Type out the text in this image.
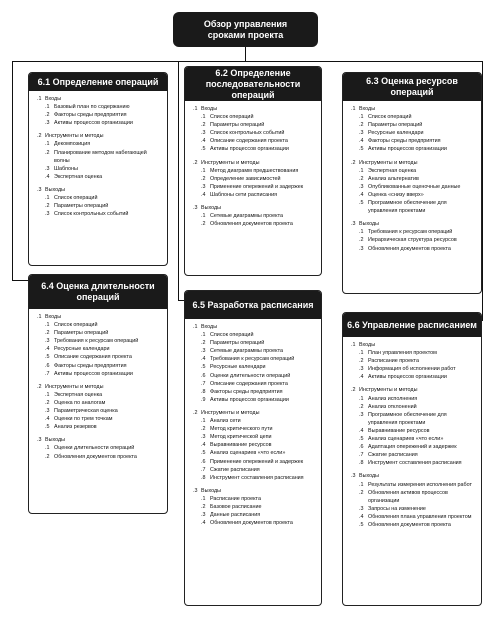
Обзор управления
сроками проекта
6.1 Определение операций
.1 Входы
.1 Базовый план по содержанию
.2 Факторы среды предприятия
.3 Активы процессов организации
.2 Инструменты и методы
.1 Декомпозиция
.2 Планирование методом набегающей волны
.3 Шаблоны
.4 Экспертная оценка
.3 Выходы
.1 Список операций
.2 Параметры операций
.3 Список контрольных событий
6.2 Определение последовательности операций
.1 Входы
.1 Список операций
.2 Параметры операций
.3 Список контрольных событий
.4 Описание содержания проекта
.5 Активы процессов организации
.2 Инструменты и методы
.1 Метод диаграмм предшествования
.2 Определение зависимостей
.3 Применение опережений и задержек
.4 Шаблоны сети расписания
.3 Выходы
.1 Сетевые диаграммы проекта
.2 Обновления документов проекта
6.3 Оценка ресурсов операций
.1 Входы
.1 Список операций
.2 Параметры операций
.3 Ресурсные календари
.4 Факторы среды предприятия
.5 Активы процессов организации
.2 Инструменты и методы
.1 Экспертная оценка
.2 Анализ альтернатив
.3 Опубликованные оценочные данные
.4 Оценка «снизу вверх»
.5 Программное обеспечение для управления проектами
.3 Выходы
.1 Требования к ресурсам операций
.2 Иерархическая структура ресурсов
.3 Обновления документов проекта
6.4 Оценка длительности операций
.1 Входы
.1 Список операций
.2 Параметры операций
.3 Требования к ресурсам операций
.4 Ресурсные календари
.5 Описание содержания проекта
.6 Факторы среды предприятия
.7 Активы процессов организации
.2 Инструменты и методы
.1 Экспертная оценка
.2 Оценка по аналогам
.3 Параметрическая оценка
.4 Оценки по трем точкам
.5 Анализ резервов
.3 Выходы
.1 Оценки длительности операций
.2 Обновления документов проекта
6.5 Разработка расписания
.1 Входы
.1 Список операций
.2 Параметры операций
.3 Сетевые диаграммы проекта
.4 Требования к ресурсам операций
.5 Ресурсные календари
.6 Оценки длительности операций
.7 Описание содержания проекта
.8 Факторы среды предприятия
.9 Активы процессов организации
.2 Инструменты и методы
.1 Анализ сети
.2 Метод критического пути
.3 Метод критической цепи
.4 Выравнивание ресурсов
.5 Анализ сценариев «что если»
.6 Применение опережений и задержек
.7 Сжатие расписания
.8 Инструмент составления расписания
.3 Выходы
.1 Расписание проекта
.2 Базовое расписание
.3 Данные расписания
.4 Обновления документов проекта
6.6 Управление расписанием
.1 Входы
.1 План управления проектом
.2 Расписание проекта
.3 Информация об исполнении работ
.4 Активы процессов организации
.2 Инструменты и методы
.1 Анализ исполнения
.2 Анализ отклонений
.3 Программное обеспечение для управления проектами
.4 Выравнивание ресурсов
.5 Анализ сценариев «что если»
.6 Адаптация опережений и задержек
.7 Сжатие расписания
.8 Инструмент составления расписания
.3 Выходы
.1 Результаты измерения исполнения работ
.2 Обновления активов процессов организации
.3 Запросы на изменение
.4 Обновления плана управления проектом
.5 Обновления документов проекта
